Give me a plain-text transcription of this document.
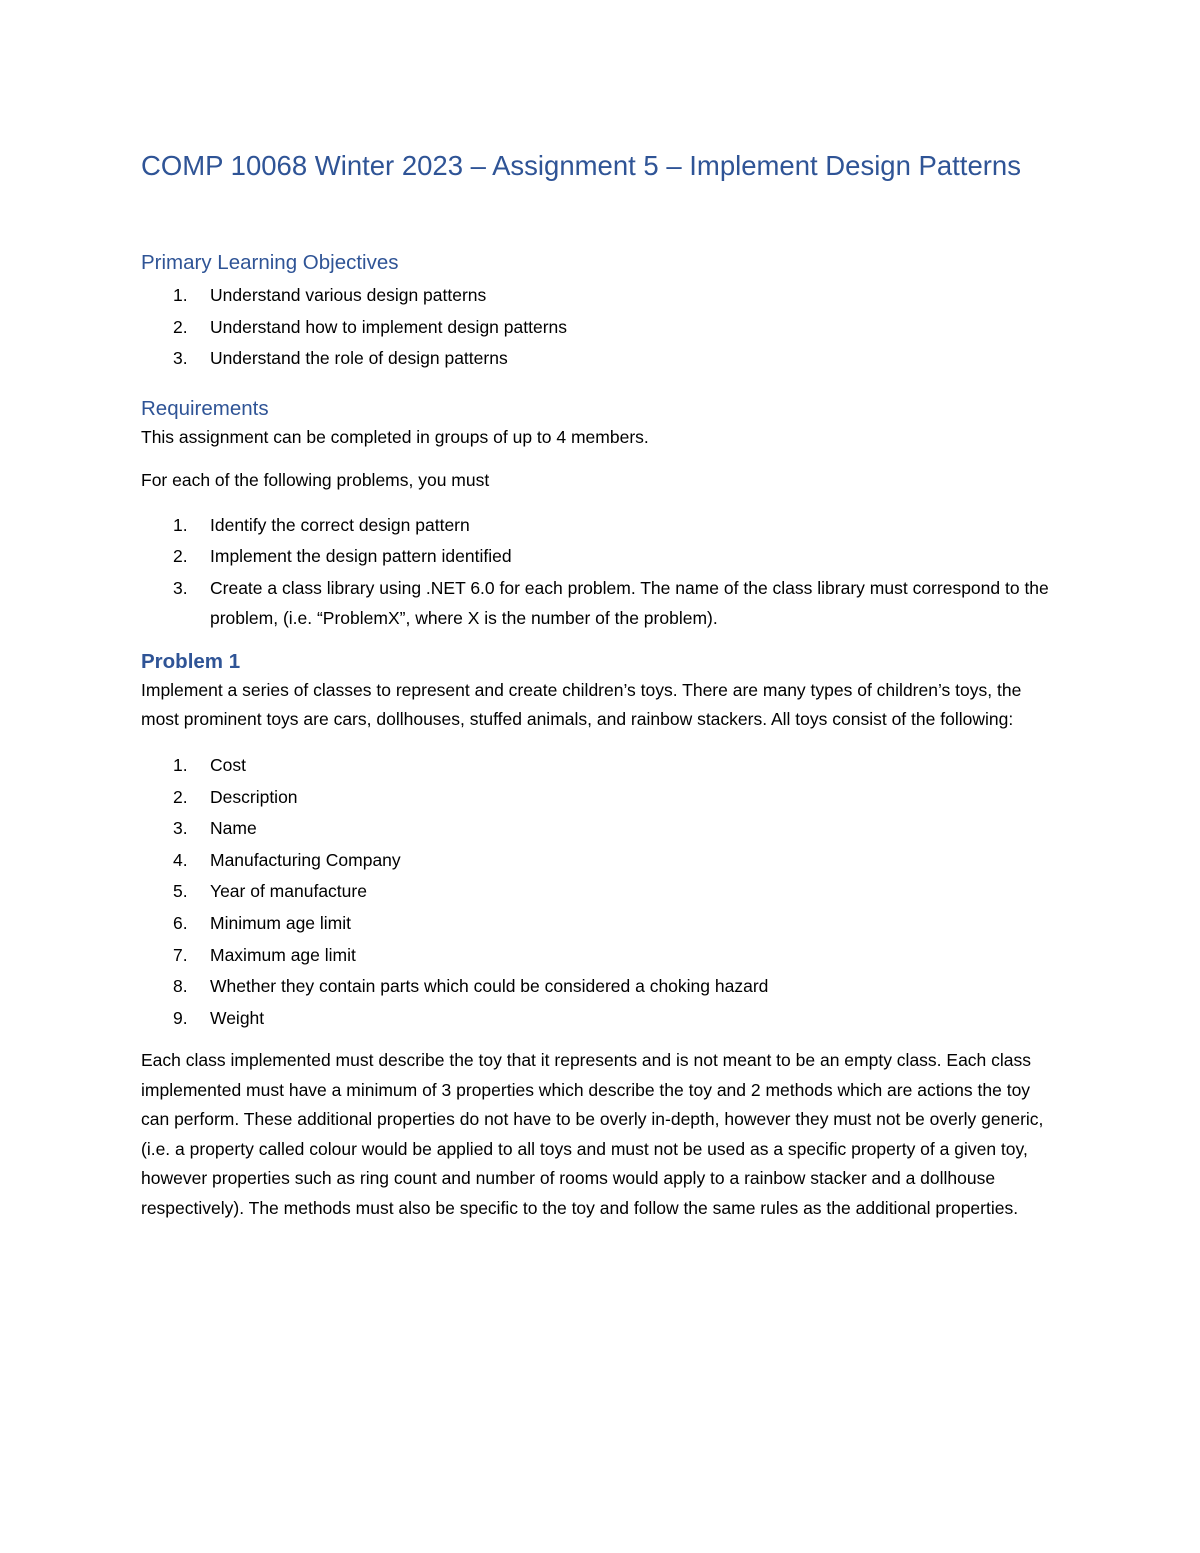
COMP 10068 Winter 2023 – Assignment 5 – Implement Design Patterns
Primary Learning Objectives
1. Understand various design patterns
2. Understand how to implement design patterns
3. Understand the role of design patterns
Requirements

This assignment can be completed in groups of up to 4 members.

For each of the following problems, you must

1. Identify the correct design pattern
2. Implement the design pattern identified
3. Create a class library using .NET 6.0 for each problem. The name of the class library must correspond to the problem, (i.e. “ProblemX”, where X is the number of the problem).
Problem 1

Implement a series of classes to represent and create children’s toys. There are many types of children’s toys, the most prominent toys are cars, dollhouses, stuffed animals, and rainbow stackers. All toys consist of the following:

1. Cost
2. Description
3. Name
4. Manufacturing Company
5. Year of manufacture
6. Minimum age limit
7. Maximum age limit
8. Whether they contain parts which could be considered a choking hazard
9. Weight

Each class implemented must describe the toy that it represents and is not meant to be an empty class. Each class implemented must have a minimum of 3 properties which describe the toy and 2 methods which are actions the toy can perform. These additional properties do not have to be overly in-depth, however they must not be overly generic, (i.e. a property called colour would be applied to all toys and must not be used as a specific property of a given toy, however properties such as ring count and number of rooms would apply to a rainbow stacker and a dollhouse respectively). The methods must also be specific to the toy and follow the same rules as the additional properties.
